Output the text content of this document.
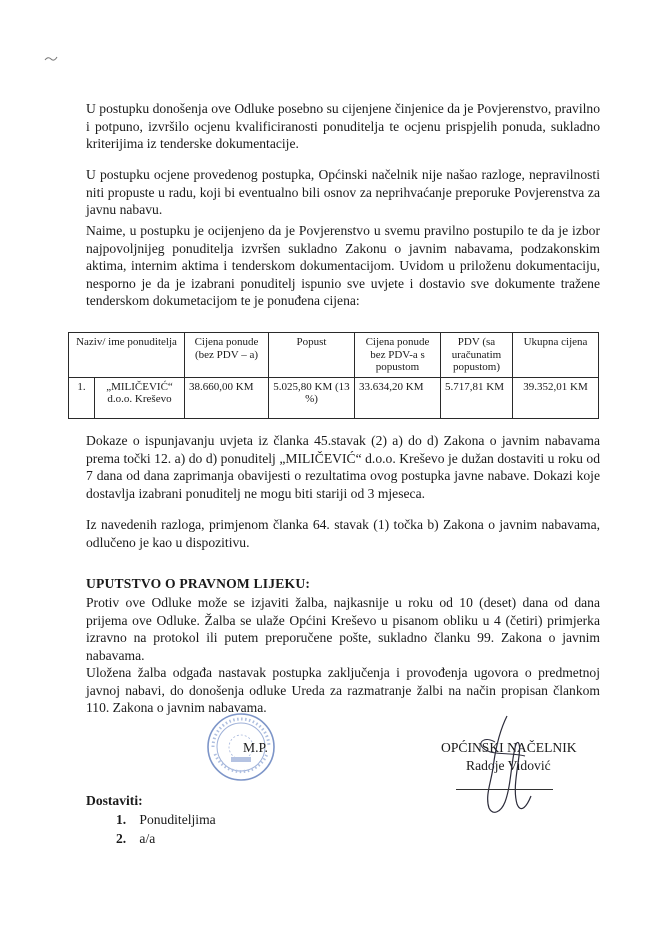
U postupku donošenja ove Odluke posebno su cijenjene činjenice da je Povjerenstvo, pravilno i potpuno, izvršilo ocjenu kvalificiranosti ponuditelja te ocjenu prispjelih ponuda, sukladno kriterijima iz tenderske dokumentacije.

U postupku ocjene provedenog postupka, Općinski načelnik nije našao razloge, nepravilnosti niti propuste u radu, koji bi eventualno bili osnov za neprihvaćanje preporuke Povjerenstva za javnu nabavu.

Naime, u postupku je ocijenjeno da je Povjerenstvo u svemu pravilno postupilo te da je izbor najpovoljnijeg ponuditelja izvršen sukladno Zakonu o javnim nabavama, podzakonskim aktima, internim aktima i tenderskom dokumentacijom. Uvidom u priloženu dokumentaciju, nesporno je da je izabrani ponuditelj ispunio sve uvjete i dostavio sve dokumente tražene tenderskom dokumetacijom te je ponuđena cijena:

Naziv/ ime ponuditelja		Cijena ponude (bez PDV – a)	Popust	Cijena ponude bez PDV-a s popustom	PDV (sa uračunatim popustom)	Ukupna cijena
1.	„MILIČEVIĆ“ d.o.o. Kreševo	38.660,00 KM	5.025,80 KM (13 %)	33.634,20 KM	5.717,81 KM	39.352,01 KM

Dokaze o ispunjavanju uvjeta iz članka 45.stavak (2) a) do d) Zakona o javnim nabavama prema točki 12. a) do d) ponuditelj „MILIČEVIĆ“ d.o.o. Kreševo je dužan dostaviti u roku od 7 dana od dana zaprimanja obavijesti o rezultatima ovog postupka javne nabave. Dokazi koje dostavlja izabrani ponuditelj ne mogu biti stariji od 3 mjeseca.

Iz navedenih razloga, primjenom članka 64. stavak (1) točka b) Zakona o javnim nabavama, odlučeno je kao u dispozitivu.

UPUTSTVO O PRAVNOM LIJEKU:

Protiv ove Odluke može se izjaviti žalba, najkasnije u roku od 10 (deset) dana od dana prijema ove Odluke. Žalba se ulaže Općini Kreševo u pisanom obliku u 4 (četiri) primjerka izravno na protokol ili putem preporučene pošte, sukladno članku 99. Zakona o javnim nabavama.

Uložena žalba odgađa nastavak postupka zaključenja i provođenja ugovora o predmetnoj javnoj nabavi, do donošenja odluke Ureda za razmatranje žalbi na način propisan člankom 110. Zakona o javnim nabavama.

M.P.	OPĆINSKI NAČELNIK

Radoje Vidović

Dostaviti:

1. Ponuditeljima
2. a/a
